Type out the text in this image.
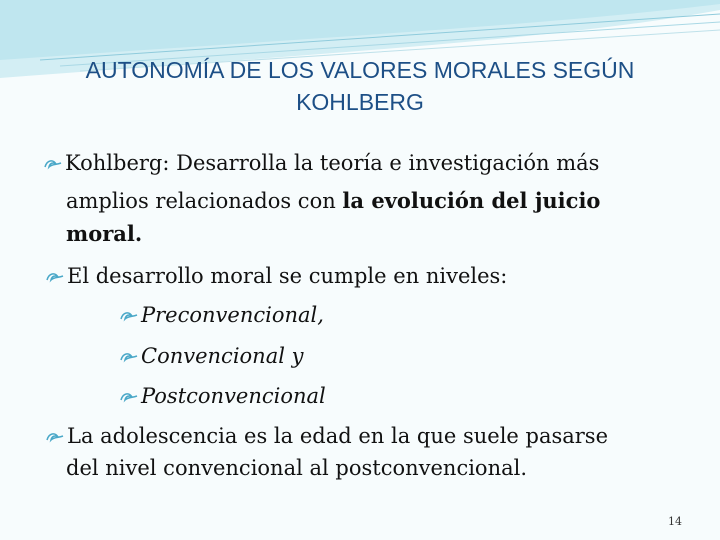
AUTONOMÍA DE LOS VALORES MORALES SEGÚN
KOHLBERG
Kohlberg: Desarrolla la teoría e investigación más
amplios relacionados con la evolución del juicio
moral.
El desarrollo moral se cumple en niveles:
Preconvencional,
Convencional y
Postconvencional
La adolescencia es la edad en la que suele pasarse
del nivel convencional al postconvencional.
14
